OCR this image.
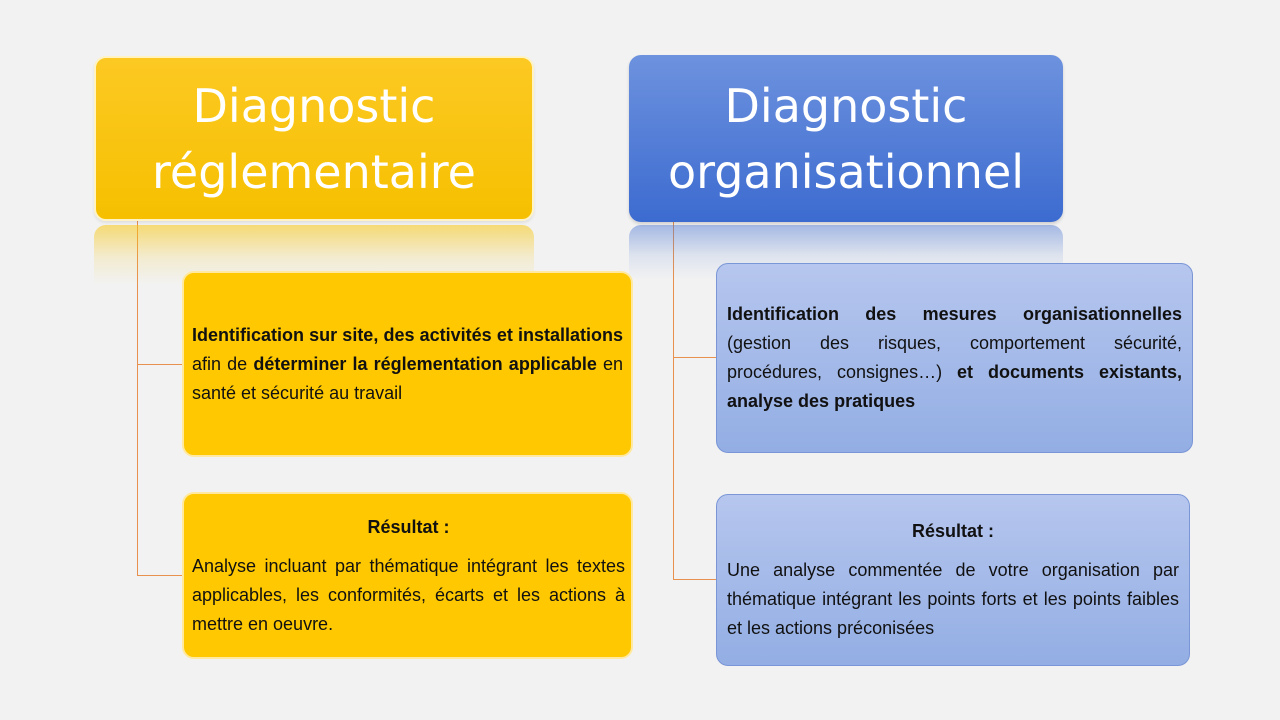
Diagnostic
réglementaire
Diagnostic
organisationnel
Identification sur site, des activités et installations afin de déterminer la réglementation applicable en santé et sécurité au travail
Résultat :
Analyse incluant par thématique intégrant les textes applicables, les conformités, écarts et les actions à mettre en oeuvre.
Identification des mesures organisationnelles (gestion des risques, comportement sécurité, procédures, consignes…) et documents existants, analyse des pratiques
Résultat :
Une analyse commentée de votre organisation par thématique intégrant les points forts et les points faibles et les actions préconisées
